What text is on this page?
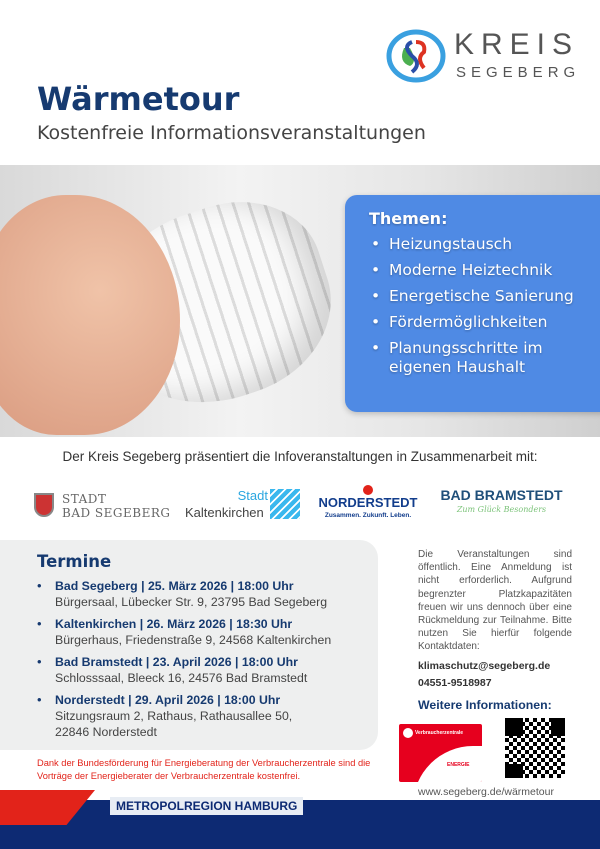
KREIS
SEGEBERG
Wärmetour
Kostenfreie Informationsveranstaltungen
Themen:
• Heizungstausch
• Moderne Heiztechnik
• Energetische Sanierung
• Fördermöglichkeiten
• Planungsschritte im eigenen Haushalt
Der Kreis Segeberg präsentiert die Infoveranstaltungen in Zusammenarbeit mit:
STADT
BAD SEGEBERG
Stadt
Kaltenkirchen
NORDERSTEDT
Zusammen. Zukunft. Leben.
BAD BRAMSTEDT
Zum Glück Besonders
Termine
• Bad Segeberg | 25. März 2026 | 18:00 Uhr
Bürgersaal, Lübecker Str. 9, 23795 Bad Segeberg
• Kaltenkirchen | 26. März 2026 | 18:30 Uhr
Bürgerhaus, Friedenstraße 9, 24568 Kaltenkirchen
• Bad Bramstedt | 23. April 2026 | 18:00 Uhr
Schlosssaal, Bleeck 16, 24576 Bad Bramstedt
• Norderstedt | 29. April 2026 | 18:00 Uhr
Sitzungsraum 2, Rathaus, Rathausallee 50, 22846 Norderstedt
Die Veranstaltungen sind öffentlich. Eine Anmeldung ist nicht erforderlich. Aufgrund begrenzter Platzkapazitäten freuen wir uns dennoch über eine Rückmeldung zur Teilnahme. Bitte nutzen Sie hierfür folgende Kontaktdaten:
klimaschutz@segeberg.de
04551-9518987
Weitere Informationen:
Verbraucherzentrale
ENERGIE
www.segeberg.de/wärmetour
Dank der Bundesförderung für Energieberatung der Verbraucherzentrale sind die Vorträge der Energieberater der Verbraucherzentrale kostenfrei.
METROPOLREGION HAMBURG
